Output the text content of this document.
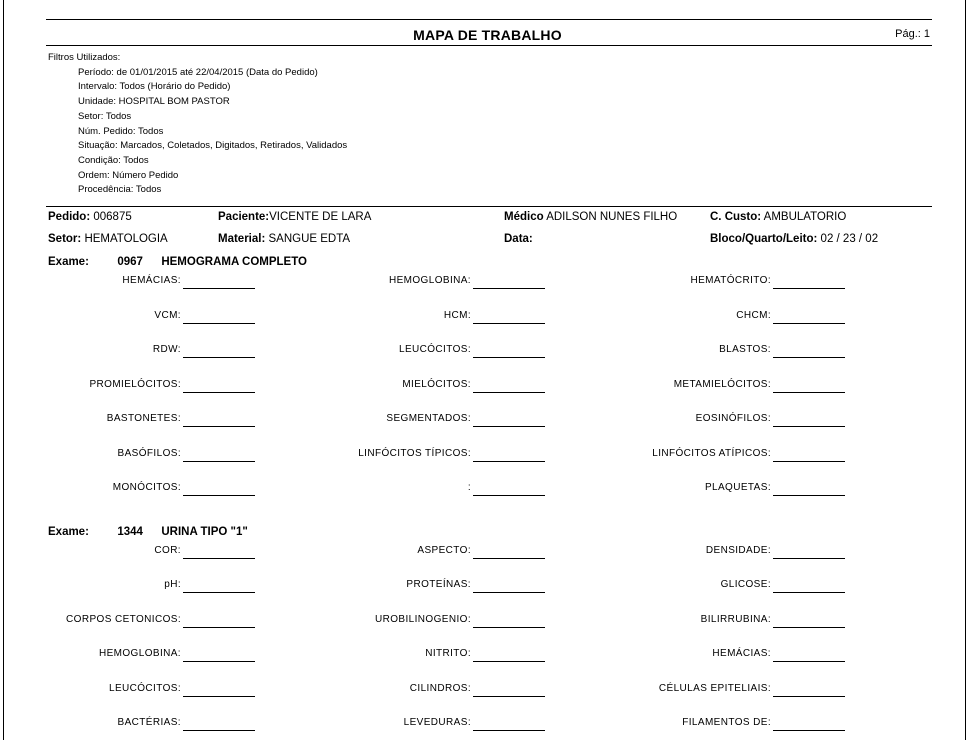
MAPA DE TRABALHO	Pág.: 1
Filtros Utilizados:
Período: de 01/01/2015 até 22/04/2015 (Data do Pedido)
Intervalo: Todos (Horário do Pedido)
Unidade: HOSPITAL BOM PASTOR
Setor: Todos
Núm. Pedido: Todos
Situação: Marcados, Coletados, Digitados, Retirados, Validados
Condição: Todos
Ordem: Número Pedido
Procedência: Todos
Pedido: 006875	Paciente:VICENTE DE LARA	Médico ADILSON NUNES FILHO	C. Custo: AMBULATORIO
Setor: HEMATOLOGIA	Material: SANGUE EDTA	Data:	Bloco/Quarto/Leito: 02 / 23 / 02
Exame: 0967 HEMOGRAMA COMPLETO
HEMÁCIAS:	HEMOGLOBINA:	HEMATÓCRITO:
VCM:	HCM:	CHCM:
RDW:	LEUCÓCITOS:	BLASTOS:
PROMIELÓCITOS:	MIELÓCITOS:	METAMIELÓCITOS:
BASTONETES:	SEGMENTADOS:	EOSINÓFILOS:
BASÓFILOS:	LINFÓCITOS TÍPICOS:	LINFÓCITOS ATÍPICOS:
MONÓCITOS:	:	PLAQUETAS:
Exame: 1344 URINA TIPO "1"
COR:	ASPECTO:	DENSIDADE:
pH:	PROTEÍNAS:	GLICOSE:
CORPOS CETONICOS:	UROBILINOGENIO:	BILIRRUBINA:
HEMOGLOBINA:	NITRITO:	HEMÁCIAS:
LEUCÓCITOS:	CILINDROS:	CÉLULAS EPITELIAIS:
BACTÉRIAS:	LEVEDURAS:	FILAMENTOS DE:
